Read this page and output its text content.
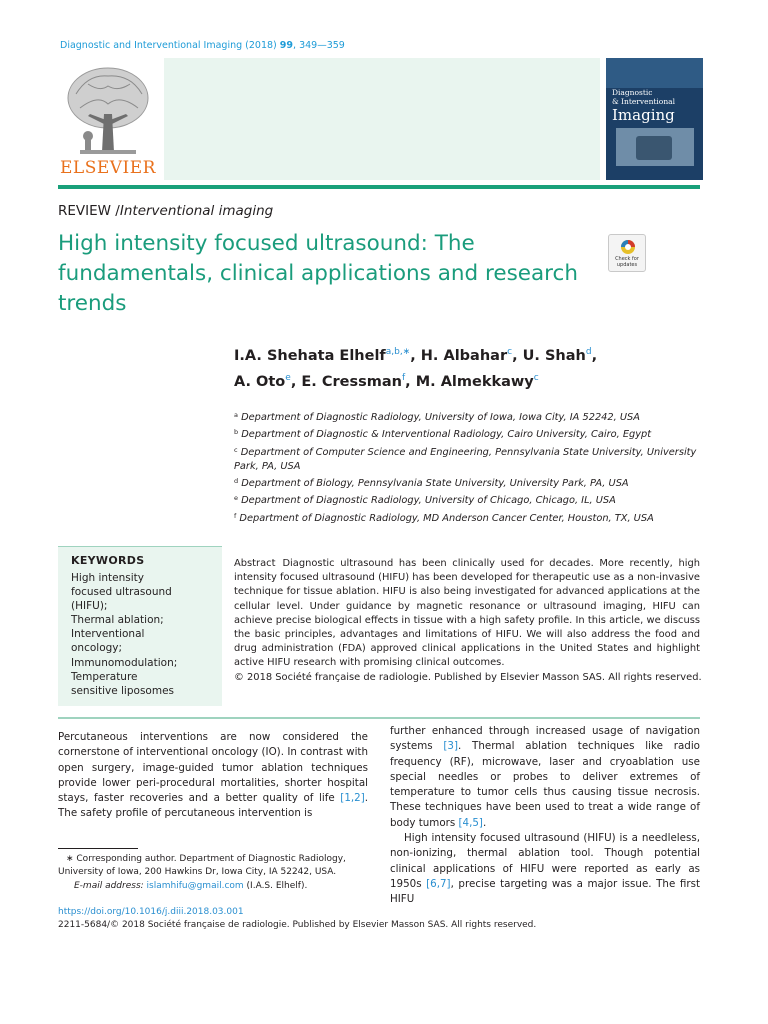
Diagnostic and Interventional Imaging (2018) 99, 349—359
ELSEVIER
Diagnostic
& Interventional
Imaging
REVIEW /Interventional imaging
High intensity focused ultrasound: The fundamentals, clinical applications and research trends
Check for
updates
I.A. Shehata Elhelf$^{a,b,∗}$, H. Albahar$^c$, U. Shah$^d$,
A. Oto$^e$, E. Cressman$^f$, M. Almekkawy$^c$
$^a$ Department of Diagnostic Radiology, University of Iowa, Iowa City, IA 52242, USA
$^b$ Department of Diagnostic & Interventional Radiology, Cairo University, Cairo, Egypt
$^c$ Department of Computer Science and Engineering, Pennsylvania State University, University Park, PA, USA
$^d$ Department of Biology, Pennsylvania State University, University Park, PA, USA
$^e$ Department of Diagnostic Radiology, University of Chicago, Chicago, IL, USA
$^f$ Department of Diagnostic Radiology, MD Anderson Cancer Center, Houston, TX, USA
KEYWORDS
High intensity
focused ultrasound
(HIFU);
Thermal ablation;
Interventional
oncology;
Immunomodulation;
Temperature
sensitive liposomes
Abstract Diagnostic ultrasound has been clinically used for decades. More recently, high intensity focused ultrasound (HIFU) has been developed for therapeutic use as a non-invasive technique for tissue ablation. HIFU is also being investigated for advanced applications at the cellular level. Under guidance by magnetic resonance or ultrasound imaging, HIFU can achieve precise biological effects in tissue with a high safety profile. In this article, we discuss the basic principles, advantages and limitations of HIFU. We will also address the food and drug administration (FDA) approved clinical applications in the United States and highlight active HIFU research with promising clinical outcomes.
© 2018 Société française de radiologie. Published by Elsevier Masson SAS. All rights reserved.

Percutaneous interventions are now considered the cornerstone of interventional oncology (IO). In contrast with open surgery, image-guided tumor ablation techniques provide lower peri-procedural mortalities, shorter hospital stays, faster recoveries and a better quality of life [1,2]. The safety profile of percutaneous intervention is

further enhanced through increased usage of navigation systems [3]. Thermal ablation techniques like radio frequency (RF), microwave, laser and cryoablation use special needles or probes to deliver extremes of temperature to tumor cells thus causing tissue necrosis. These techniques have been used to treat a wide range of body tumors [4,5].

High intensity focused ultrasound (HIFU) is a needleless, non-ionizing, thermal ablation tool. Though potential clinical applications of HIFU were reported as early as 1950s [6,7], precise targeting was a major issue. The first HIFU

∗ Corresponding author. Department of Diagnostic Radiology, University of Iowa, 200 Hawkins Dr, Iowa City, IA 52242, USA.
E-mail address: islamhifu@gmail.com (I.A.S. Elhelf).
https://doi.org/10.1016/j.diii.2018.03.001
2211-5684/© 2018 Société française de radiologie. Published by Elsevier Masson SAS. All rights reserved.
